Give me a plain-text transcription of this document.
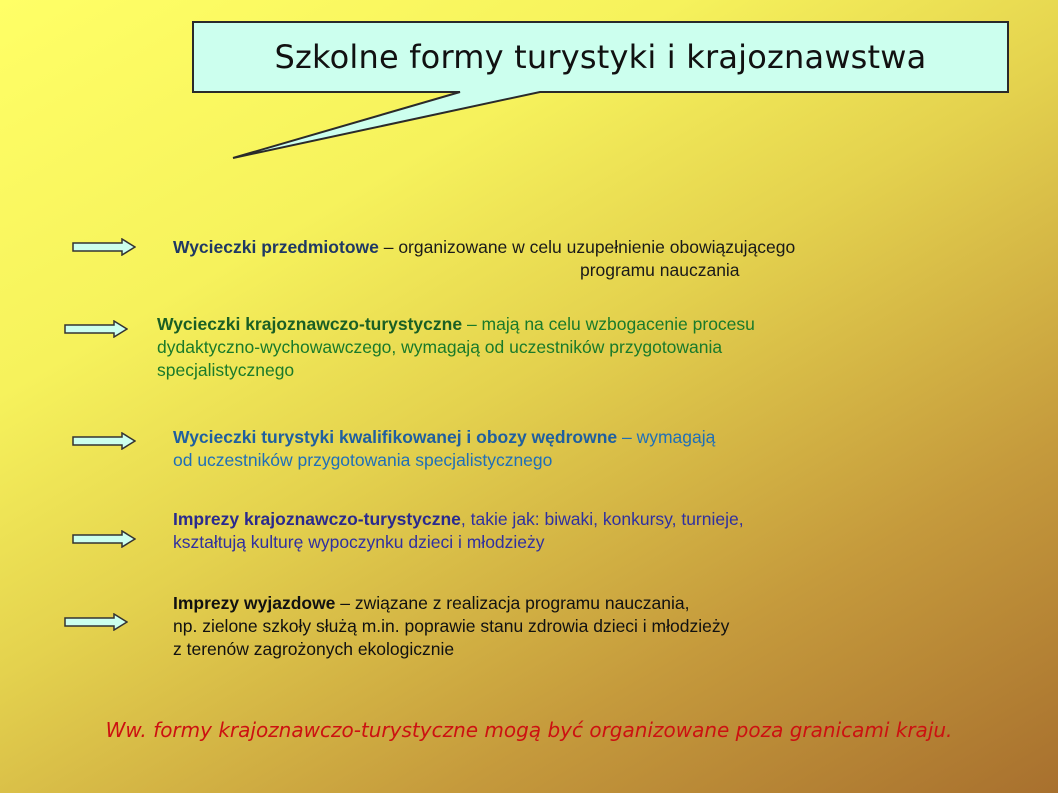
Szkolne formy turystyki i krajoznawstwa
Wycieczki przedmiotowe – organizowane w celu uzupełnienie obowiązującego
programu nauczania
Wycieczki krajoznawczo-turystyczne – mają na celu wzbogacenie procesu
dydaktyczno-wychowawczego, wymagają od uczestników przygotowania
specjalistycznego
Wycieczki turystyki kwalifikowanej i obozy wędrowne – wymagają
od uczestników przygotowania specjalistycznego
Imprezy krajoznawczo-turystyczne, takie jak: biwaki, konkursy, turnieje,
kształtują kulturę wypoczynku dzieci i młodzieży
Imprezy wyjazdowe – związane z realizacja programu nauczania,
np. zielone szkoły służą m.in. poprawie stanu zdrowia dzieci i młodzieży
z terenów zagrożonych ekologicznie
Ww. formy krajoznawczo-turystyczne mogą być organizowane poza granicami kraju.
